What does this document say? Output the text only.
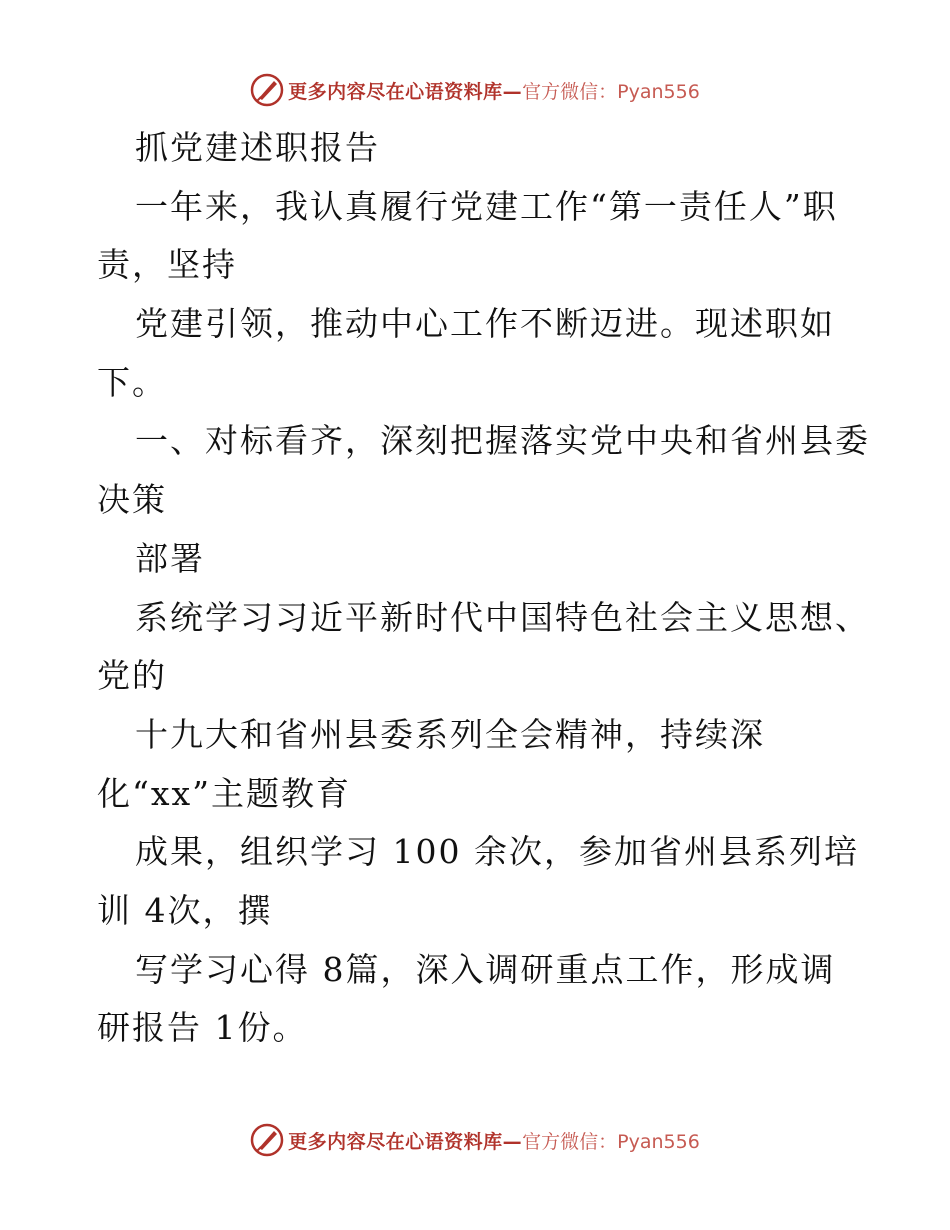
更多内容尽在心语资料库— 官方微信：Pyan556
抓党建述职报告
一年来，我认真履行党建工作“第一责任人”职
责，坚持
党建引领，推动中心工作不断迈进。现述职如
下。
一、对标看齐，深刻把握落实党中央和省州县委
决策
部署
系统学习习近平新时代中国特色社会主义思想、
党的
十九大和省州县委系列全会精神，持续深
化“xx”主题教育
成果，组织学习 100 余次，参加省州县系列培
训 4次，撰
写学习心得 8篇，深入调研重点工作，形成调
研报告 1份。
更多内容尽在心语资料库— 官方微信：Pyan556
